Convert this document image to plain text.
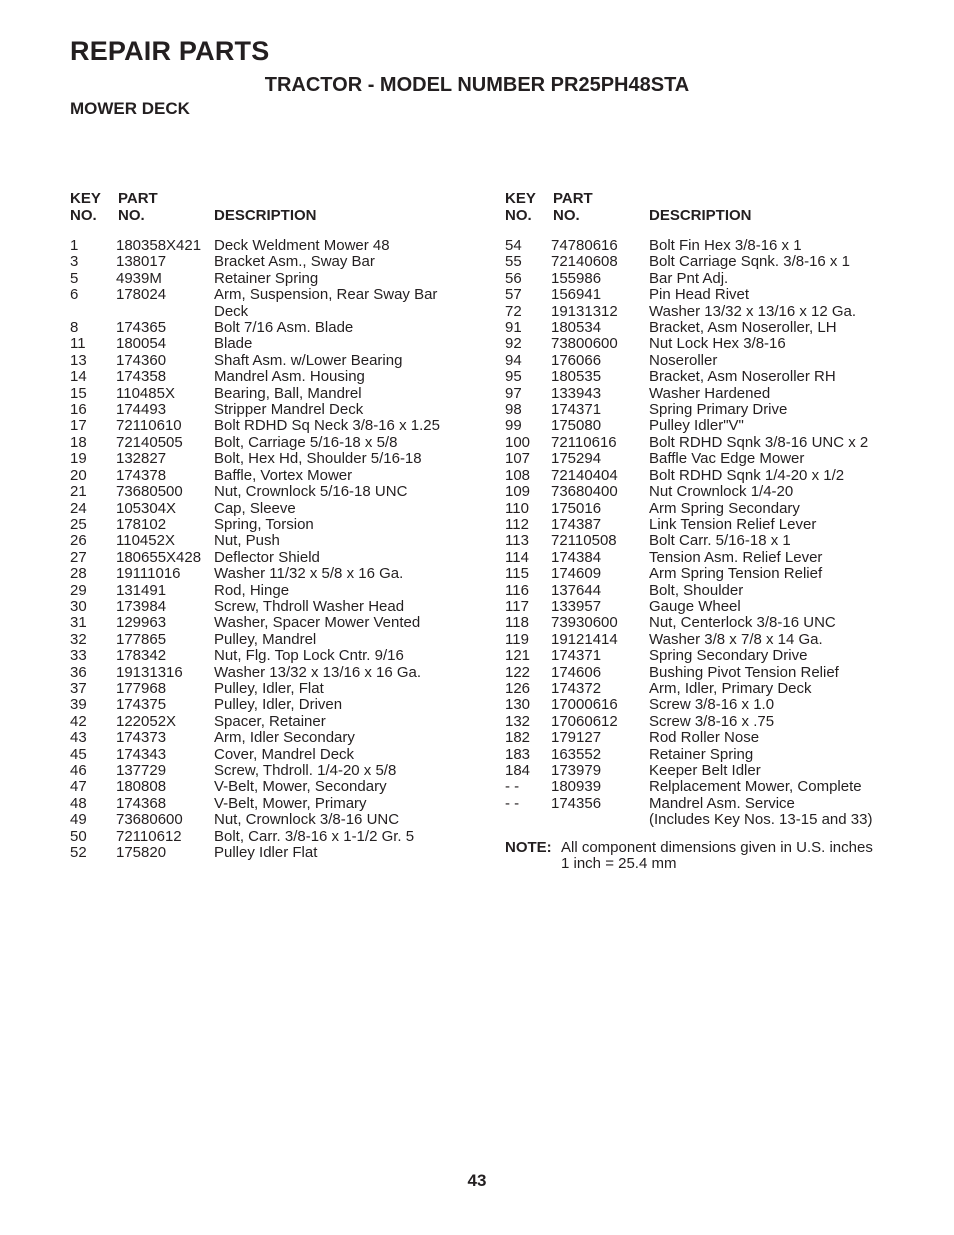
REPAIR PARTS
TRACTOR - MODEL NUMBER PR25PH48STA
MOWER DECK
KEY
NO.
PART
NO.	DESCRIPTION
1	180358X421 Deck Weldment Mower 48
3	138017	Bracket Asm., Sway Bar
5	4939M	Retainer Spring
6	178024	Arm, Suspension, Rear Sway Bar
Deck
8	174365	Bolt 7/16 Asm. Blade
11 180054	Blade
13 174360	Shaft Asm. w/Lower Bearing
14 174358	Mandrel Asm. Housing
15 110485X	Bearing, Ball, Mandrel
16 174493	Stripper Mandrel Deck
17 72110610 Bolt RDHD Sq Neck 3/8-16 x 1.25
18 72140505 Bolt, Carriage 5/16-18 x 5/8
19 132827	Bolt, Hex Hd, Shoulder 5/16-18
20 174378	Baffle, Vortex Mower
21 73680500 Nut, Crownlock 5/16-18 UNC
24 105304X	Cap, Sleeve
25 178102	Spring, Torsion
26 110452X	Nut, Push
27 180655X428 Deflector Shield
28 19111016 Washer 11/32 x 5/8 x 16 Ga.
29 131491	Rod, Hinge
30 173984	Screw, Thdroll Washer Head
31 129963	Washer, Spacer Mower Vented
32 177865	Pulley, Mandrel
33 178342	Nut, Flg. Top Lock Cntr. 9/16
36 19131316 Washer 13/32 x 13/16 x 16 Ga.
37 177968	Pulley, Idler, Flat
39 174375	Pulley, Idler, Driven
42 122052X	Spacer, Retainer
43 174373	Arm, Idler Secondary
45 174343	Cover, Mandrel Deck
46 137729	Screw, Thdroll. 1/4-20 x 5/8
47 180808	V-Belt, Mower, Secondary
48 174368	V-Belt, Mower, Primary
49 73680600 Nut, Crownlock 3/8-16 UNC
50 72110612 Bolt, Carr. 3/8-16 x 1-1/2 Gr. 5
52 175820	Pulley Idler Flat
KEY
NO.
PART
NO.	DESCRIPTION
54 74780616 Bolt Fin Hex 3/8-16 x 1
55 72140608 Bolt Carriage Sqnk. 3/8-16 x 1
56 155986	Bar Pnt Adj.
57 156941	Pin Head Rivet
72 19131312 Washer 13/32 x 13/16 x 12 Ga.
91 180534	Bracket, Asm Noseroller, LH
92 73800600 Nut Lock Hex 3/8-16
94 176066	Noseroller
95 180535	Bracket, Asm Noseroller RH
97 133943	Washer Hardened
98 174371	Spring Primary Drive
99 175080	Pulley Idler"V"
100 72110616 Bolt RDHD Sqnk 3/8-16 UNC x 2
107 175294	Baffle Vac Edge Mower
108 72140404 Bolt RDHD Sqnk 1/4-20 x 1/2
109 73680400 Nut Crownlock 1/4-20
110 175016	Arm Spring Secondary
112 174387	Link Tension Relief Lever
113 72110508 Bolt Carr. 5/16-18 x 1
114 174384	Tension Asm. Relief Lever
115 174609	Arm Spring Tension Relief
116 137644	Bolt, Shoulder
117 133957	Gauge Wheel
118 73930600 Nut, Centerlock 3/8-16 UNC
119 19121414 Washer 3/8 x 7/8 x 14 Ga.
121 174371	Spring Secondary Drive
122 174606	Bushing Pivot Tension Relief
126 174372	Arm, Idler, Primary Deck
130 17000616 Screw 3/8-16 x 1.0
132 17060612 Screw 3/8-16 x .75
182 179127	Rod Roller Nose
183 163552	Retainer Spring
184 173979	Keeper Belt Idler
- - 180939	Relplacement Mower, Complete
- - 174356	Mandrel Asm. Service
(Includes Key Nos. 13-15 and 33)
NOTE: All component dimensions given in U.S. inches
1 inch = 25.4 mm
43
